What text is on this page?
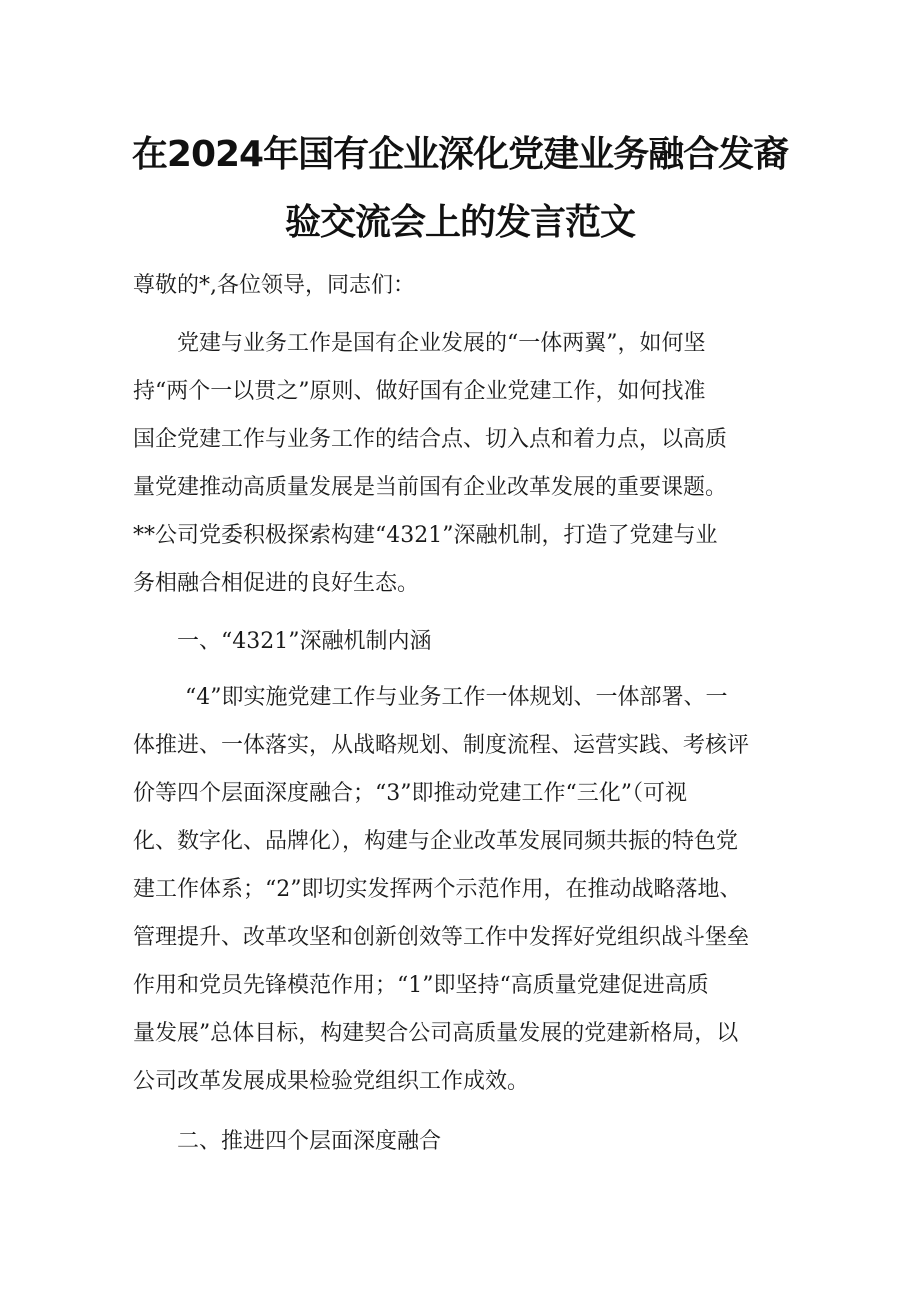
在2024年国有企业深化党建业务融合发裔
验交流会上的发言范文
尊敬的*,各位领导，同志们：
党建与业务工作是国有企业发展的“一体两翼”，如何坚
持“两个一以贯之”原则、做好国有企业党建工作，如何找准
国企党建工作与业务工作的结合点、切入点和着力点，以高质
量党建推动高质量发展是当前国有企业改革发展的重要课题。
**公司党委积极探索构建“4321”深融机制，打造了党建与业
务相融合相促进的良好生态。
一、“4321”深融机制内涵
“4”即实施党建工作与业务工作一体规划、一体部署、一
体推进、一体落实，从战略规划、制度流程、运营实践、考核评
价等四个层面深度融合；“3”即推动党建工作“三化”（可视
化、数字化、品牌化），构建与企业改革发展同频共振的特色党
建工作体系；“2”即切实发挥两个示范作用，在推动战略落地、
管理提升、改革攻坚和创新创效等工作中发挥好党组织战斗堡垒
作用和党员先锋模范作用；“1”即坚持“高质量党建促进高质
量发展”总体目标，构建契合公司高质量发展的党建新格局，以
公司改革发展成果检验党组织工作成效。
二、推进四个层面深度融合
